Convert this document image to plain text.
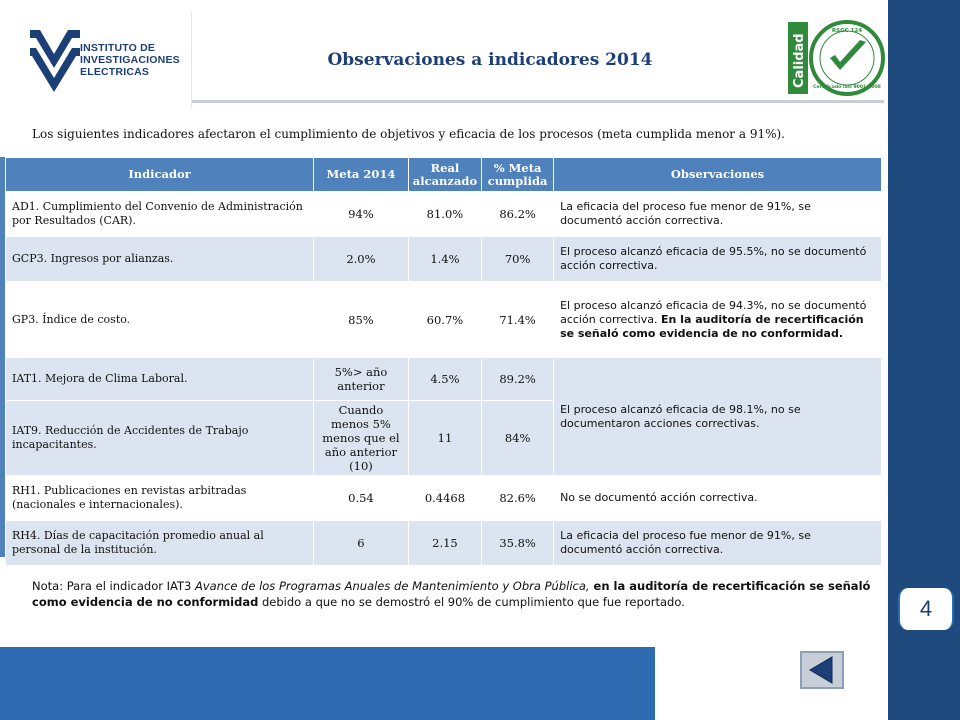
INSTITUTO DE
INVESTIGACIONES
ELECTRICAS
Observaciones a indicadores 2014	Calidad
RSGC 124
Certificado ISO 9001:2008
Los siguientes indicadores afectaron el cumplimiento de objetivos y eficacia de los procesos (meta cumplida menor a 91%).
Indicador	Meta 2014	Real alcanzado	% Meta cumplida	Observaciones
AD1. Cumplimiento del Convenio de Administración por Resultados (CAR).	94%	81.0%	86.2%	La eficacia del proceso fue menor de 91%, se documentó acción correctiva.
GCP3. Ingresos por alianzas.	2.0%	1.4%	70%	El proceso alcanzó eficacia de 95.5%, no se documentó acción correctiva.
GP3. Índice de costo.	85%	60.7%	71.4%	El proceso alcanzó eficacia de 94.3%, no se documentó acción correctiva. En la auditoría de recertificación se señaló como evidencia de no conformidad.
IAT1. Mejora de Clima Laboral.	5%> año anterior	4.5%	89.2%	El proceso alcanzó eficacia de 98.1%, no se documentaron acciones correctivas.
IAT9. Reducción de Accidentes de Trabajo incapacitantes.	Cuando menos 5% menos que el año anterior (10)	11	84%	
RH1. Publicaciones en revistas arbitradas (nacionales e internacionales).	0.54	0.4468	82.6%	No se documentó acción correctiva.
RH4. Días de capacitación promedio anual al personal de la institución.	6	2.15	35.8%	La eficacia del proceso fue menor de 91%, se documentó acción correctiva.
Nota: Para el indicador IAT3 Avance de los Programas Anuales de Mantenimiento y Obra Pública, en la auditoría de recertificación se señaló como evidencia de no conformidad debido a que no se demostró el 90% de cumplimiento que fue reportado.	4
